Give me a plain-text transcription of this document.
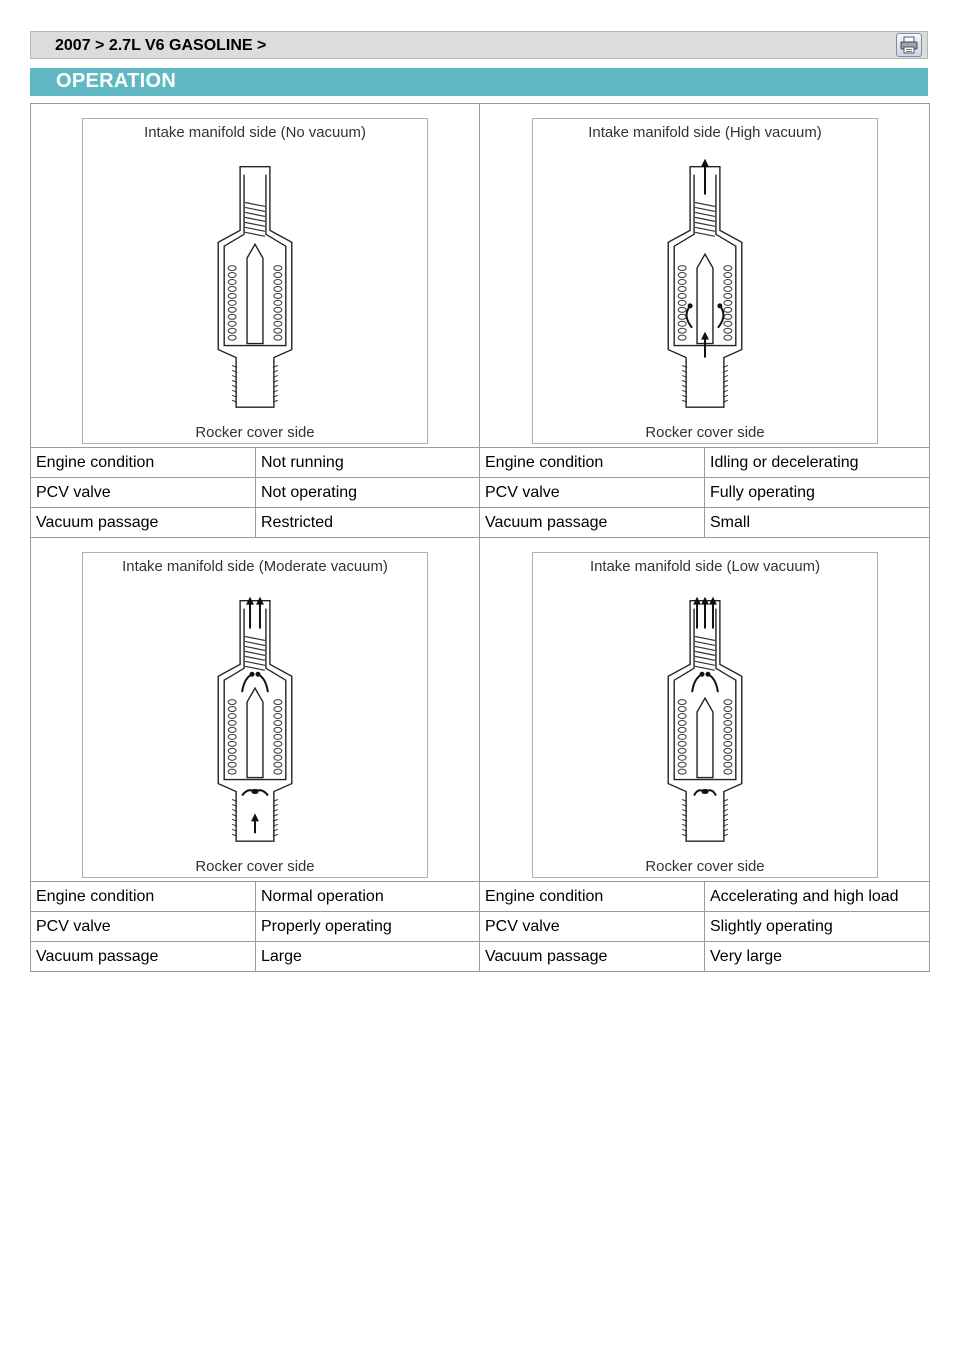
2007 > 2.7L V6 GASOLINE >
OPERATION
Intake manifold side (No vacuum)
Rocker cover side		Intake manifold side (High vacuum)
Rocker cover side	

Engine condition	Not running	Engine condition	Idling or decelerating
PCV valve	Not operating	PCV valve	Fully operating
Vacuum passage	Restricted	Vacuum passage	Small

Intake manifold side (Moderate vacuum)
Rocker cover side		Intake manifold side (Low vacuum)
Rocker cover side	

Engine condition	Normal operation	Engine condition	Accelerating and high load
PCV valve	Properly operating	PCV valve	Slightly operating
Vacuum passage	Large	Vacuum passage	Very large
